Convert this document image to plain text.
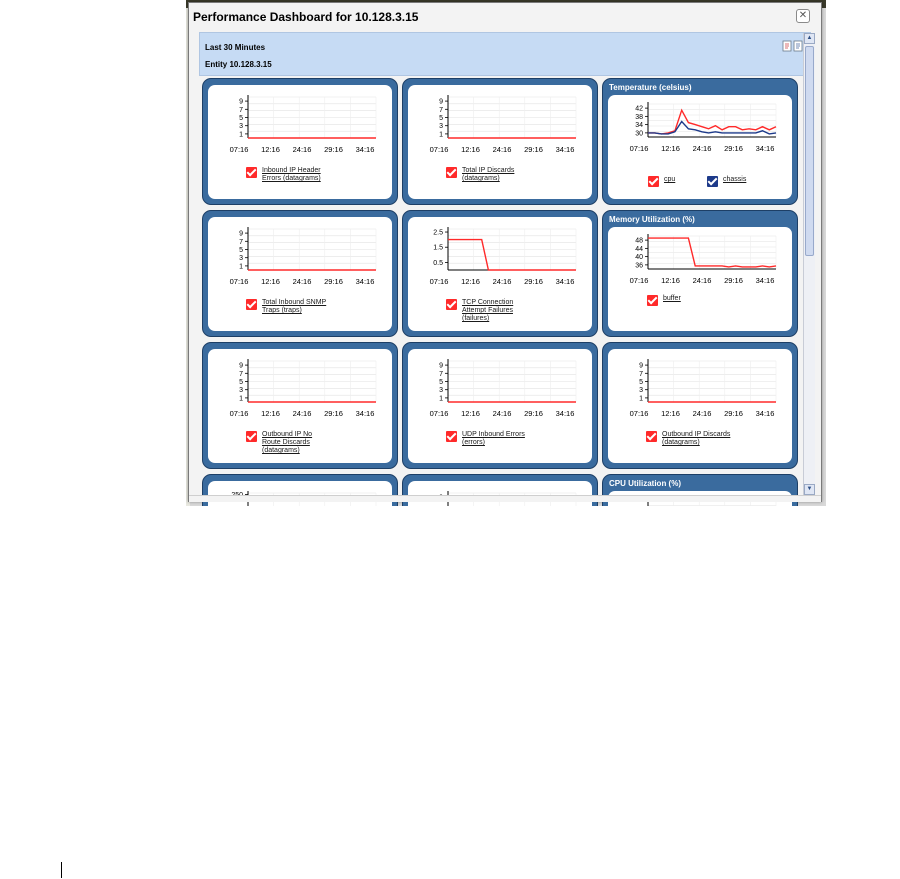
Performance Dashboard for 10.128.3.15	✕
Last 30 Minutes
Entity 10.128.3.15
9
7
5
3
1
07:16 12:16 24:16 29:16 34:16
Inbound IP Header
Errors (datagrams)
9
7
5
3
1
07:16 12:16 24:16 29:16 34:16
Total IP Discards
(datagrams)
Temperature (celsius)
42
38
34
30
07:16 12:16 24:16 29:16 34:16
cpu	chassis
9
7
5
3
1
07:16 12:16 24:16 29:16 34:16
Total Inbound SNMP
Traps (traps)
2.5
1.5
0.5
07:16 12:16 24:16 29:16 34:16
TCP Connection
Attempt Failures
(failures)
Memory Utilization (%)
48
44
40
36
07:16 12:16 24:16 29:16 34:16
buffer
9
7
5
3
1
07:16 12:16 24:16 29:16 34:16
Outbound IP No
Route Discards
(datagrams)
9
7
5
3
1
07:16 12:16 24:16 29:16 34:16
UDP Inbound Errors
(errors)
9
7
5
3
1
07:16 12:16 24:16 29:16 34:16
Outbound IP Discards
(datagrams)
CPU Utilization (%)
▲
▼
